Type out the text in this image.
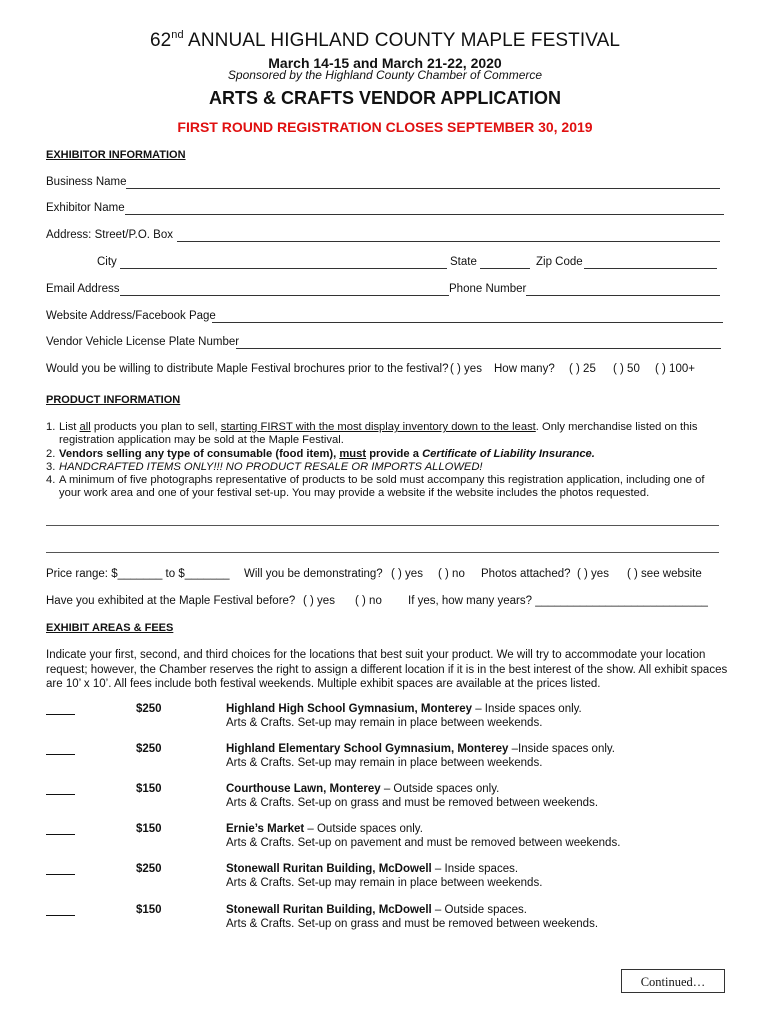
62nd ANNUAL HIGHLAND COUNTY MAPLE FESTIVAL

March 14-15 and March 21-22, 2020

Sponsored by the Highland County Chamber of Commerce

ARTS & CRAFTS VENDOR APPLICATION

FIRST ROUND REGISTRATION CLOSES SEPTEMBER 30, 2019

EXHIBITOR INFORMATION

Business Name
Exhibitor Name
Address: Street/P.O. Box
City	State	Zip Code
Email Address	Phone Number
Website Address/Facebook Page
Vendor Vehicle License Plate Number
Would you be willing to distribute Maple Festival brochures prior to the festival? ( ) yes How many? ( ) 25 ( ) 50 ( ) 100+

PRODUCT INFORMATION

1. List all products you plan to sell, starting FIRST with the most display inventory down to the least. Only merchandise listed on this registration application may be sold at the Maple Festival.
2. Vendors selling any type of consumable (food item), must provide a Certificate of Liability Insurance.
3. HANDCRAFTED ITEMS ONLY!!! NO PRODUCT RESALE OR IMPORTS ALLOWED!
4. A minimum of five photographs representative of products to be sold must accompany this registration application, including one of your work area and one of your festival set-up. You may provide a website if the website includes the photos requested.
Price range: $_______ to $_______ Will you be demonstrating? ( ) yes ( ) no Photos attached? ( ) yes ( ) see website
Have you exhibited at the Maple Festival before? ( ) yes ( ) no If yes, how many years? ___________________________

EXHIBIT AREAS & FEES

Indicate your first, second, and third choices for the locations that best suit your product. We will try to accommodate your location request; however, the Chamber reserves the right to assign a different location if it is in the best interest of the show. All exhibit spaces are 10’ x 10’. All fees include both festival weekends. Multiple exhibit spaces are available at the prices listed.

$250	Highland High School Gymnasium, Monterey – Inside spaces only.
Arts & Crafts. Set-up may remain in place between weekends.
$250	Highland Elementary School Gymnasium, Monterey –Inside spaces only.
Arts & Crafts. Set-up may remain in place between weekends.
$150	Courthouse Lawn, Monterey – Outside spaces only.
Arts & Crafts. Set-up on grass and must be removed between weekends.
$150	Ernie’s Market – Outside spaces only.
Arts & Crafts. Set-up on pavement and must be removed between weekends.
$250	Stonewall Ruritan Building, McDowell – Inside spaces.
Arts & Crafts. Set-up may remain in place between weekends.
$150	Stonewall Ruritan Building, McDowell – Outside spaces.
Arts & Crafts. Set-up on grass and must be removed between weekends.
Continued…
